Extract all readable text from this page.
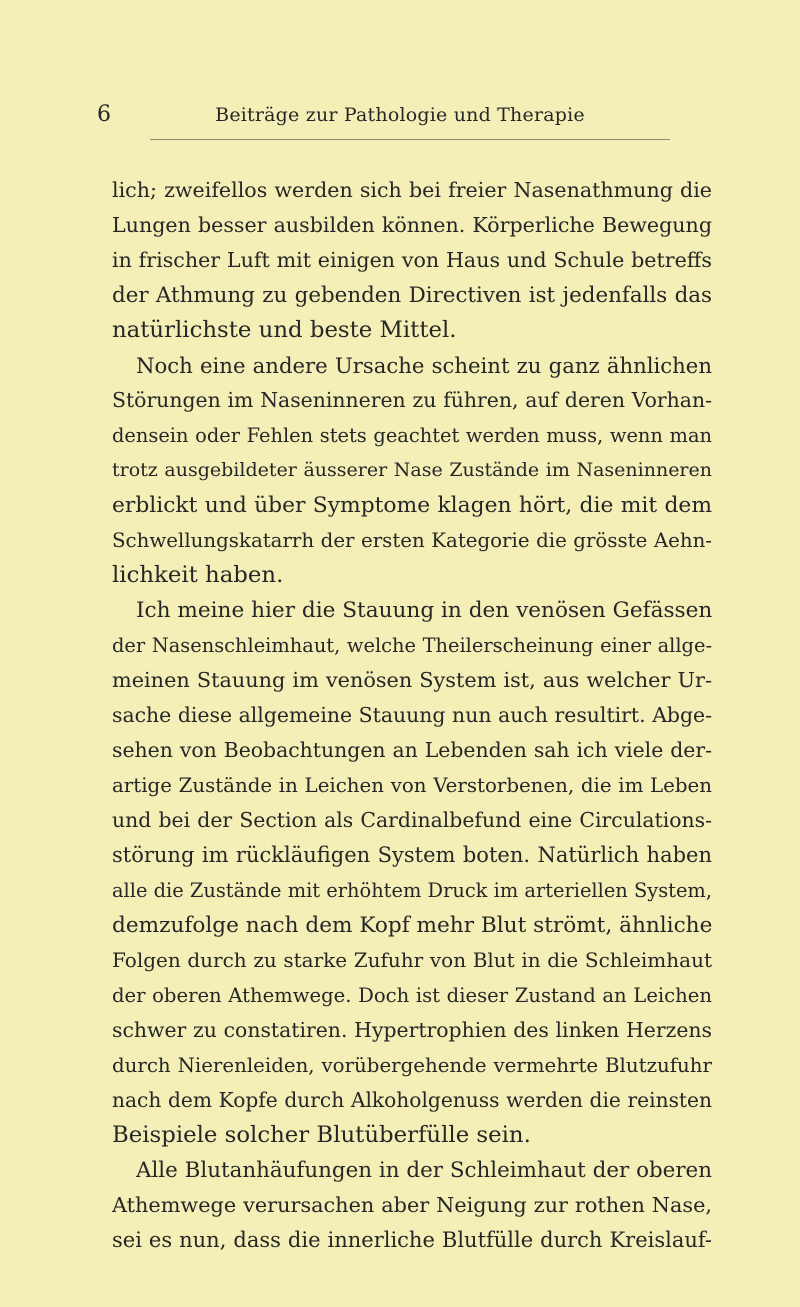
6	Beiträge zur Pathologie und Therapie
lich; zweifellos werden sich bei freier Nasenathmung die
Lungen besser ausbilden können. Körperliche Bewegung
in frischer Luft mit einigen von Haus und Schule betreffs
der Athmung zu gebenden Directiven ist jedenfalls das
natürlichste und beste Mittel.
Noch eine andere Ursache scheint zu ganz ähnlichen
Störungen im Naseninneren zu führen, auf deren Vorhan-
densein oder Fehlen stets geachtet werden muss, wenn man
trotz ausgebildeter äusserer Nase Zustände im Naseninneren
erblickt und über Symptome klagen hört, die mit dem
Schwellungskatarrh der ersten Kategorie die grösste Aehn-
lichkeit haben.
Ich meine hier die Stauung in den venösen Gefässen
der Nasenschleimhaut, welche Theilerscheinung einer allge-
meinen Stauung im venösen System ist, aus welcher Ur-
sache diese allgemeine Stauung nun auch resultirt. Abge-
sehen von Beobachtungen an Lebenden sah ich viele der-
artige Zustände in Leichen von Verstorbenen, die im Leben
und bei der Section als Cardinalbefund eine Circulations-
störung im rückläufigen System boten. Natürlich haben
alle die Zustände mit erhöhtem Druck im arteriellen System,
demzufolge nach dem Kopf mehr Blut strömt, ähnliche
Folgen durch zu starke Zufuhr von Blut in die Schleimhaut
der oberen Athemwege. Doch ist dieser Zustand an Leichen
schwer zu constatiren. Hypertrophien des linken Herzens
durch Nierenleiden, vorübergehende vermehrte Blutzufuhr
nach dem Kopfe durch Alkoholgenuss werden die reinsten
Beispiele solcher Blutüberfülle sein.
Alle Blutanhäufungen in der Schleimhaut der oberen
Athemwege verursachen aber Neigung zur rothen Nase,
sei es nun, dass die innerliche Blutfülle durch Kreislauf-
